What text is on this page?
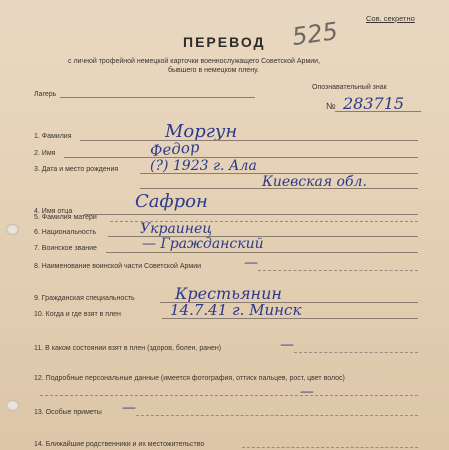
Сов. секретно
525
ПЕРЕВОД
с личной трофейной немецкой карточки военнослужащего Советской Армии,
бывшего в немецком плену.
Лагерь
Опознавательный знак
№ 283715
1. Фамилия	Моргун
2. Имя	Федор
3. Дата и место рождения (?) 1923 г. Ала
Киевская обл.
4. Имя отца	Сафрон
5. Фамилия матери
6. Национальность	Украинец
7. Воинское звание	— Гражданский
8. Наименование воинской части Советской Армии	—
9. Гражданская специальность	Крестьянин
10. Когда и где взят в плен	14.7.41 г. Минск
11. В каком состоянии взят в плен (здоров, болен, ранен)	—
12. Подробные персональные данные (имеется фотография, оттиск пальцев, рост, цвет волос)
—
13. Особые приметы —
14. Ближайшие родственники и их местожительство
